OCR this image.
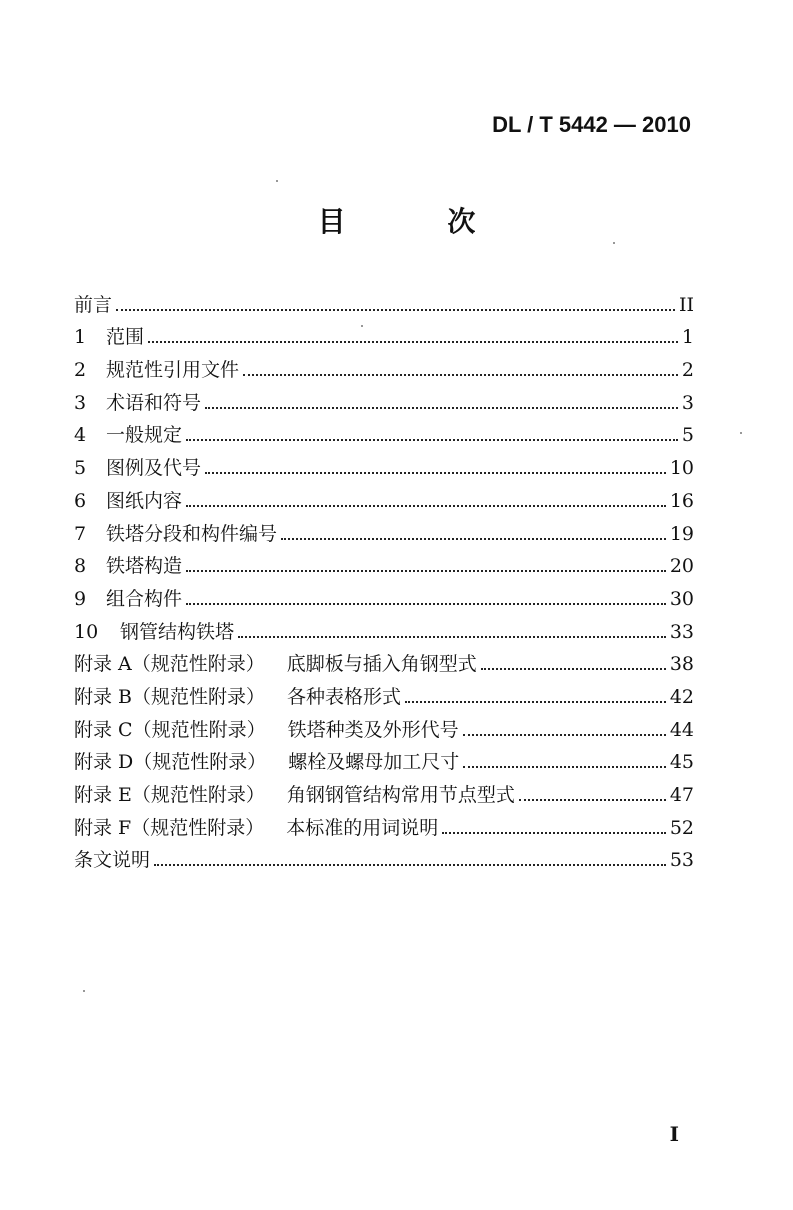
DL / T 5442 — 2010
目 次
前言	II
1	范围	1
2	规范性引用文件	2
3	术语和符号	3
4	一般规定	5
5	图例及代号	10
6	图纸内容	16
7	铁塔分段和构件编号	19
8	铁塔构造	20
9	组合构件	30
10	钢管结构铁塔	33
附录 A（规范性附录） 底脚板与插入角钢型式	38
附录 B（规范性附录） 各种表格形式	42
附录 C（规范性附录） 铁塔种类及外形代号	44
附录 D（规范性附录） 螺栓及螺母加工尺寸	45
附录 E（规范性附录） 角钢钢管结构常用节点型式	47
附录 F（规范性附录） 本标准的用词说明	52
条文说明	53
I
